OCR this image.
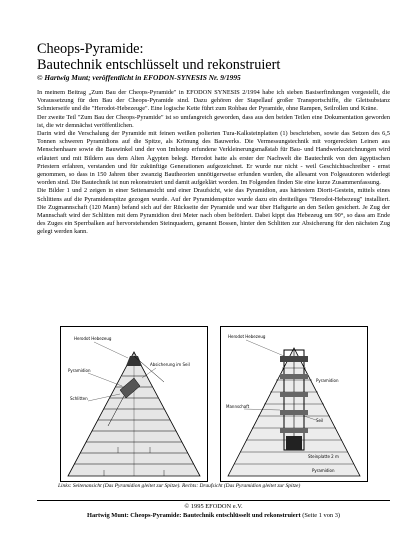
Cheops-Pyramide:
Bautechnik entschlüsselt und rekonstruiert
© Hartwig Munt; veröffentlicht in EFODON-SYNESIS Nr. 9/1995

In meinem Beitrag „Zum Bau der Cheops-Pyramide" in EFODON SYNESIS 2/1994 habe ich sieben Basiserfindungen vorgestellt, die Voraussetzung für den Bau der Cheops-Pyramide sind. Dazu gehören der Stapellauf großer Transportschiffe, die Gleitsubstanz Schmierseife und die "Herodot-Hebezeuge". Eine logische Kette führt zum Rohbau der Pyramide, ohne Rampen, Seilrollen und Kräne.

Der zweite Teil "Zum Bau der Cheops-Pyramide" ist so umfangreich geworden, dass aus den beiden Teilen eine Dokumentation geworden ist, die wir demnächst veröffentlichen.

Darin wird die Verschalung der Pyramide mit feinen weißen polierten Tura-Kalksteinplatten (1) beschrieben, sowie das Setzen des 6,5 Tonnen schweren Pyramidions auf die Spitze, als Krönung des Bauwerks. Die Vermessungstechnik mit vorgereckten Leinen aus Menschenhaare sowie die Bauwinkel und der von Imhotep erfundene Verkleinerungsmaßstab für Bau- und Handwerkszeichnungen wird erläutert und mit Bildern aus dem Alten Ägypten belegt. Herodot hatte als erster der Nachwelt die Bautechnik von den ägyptischen Priestern erfahren, verstanden und für zukünftige Generationen aufgezeichnet. Er wurde nur nicht - weil Geschichtsschreiber - ernst genommen, so dass in 150 Jahren über zwanzig Bautheorien unnötigerweise erfunden wurden, die allesamt von Folgeautoren widerlegt worden sind. Die Bautechnik ist nun rekonstruiert und damit aufgeklärt worden. Im Folgenden finden Sie eine kurze Zusammenfassung.

Die Bilder 1 und 2 zeigen in einer Seitenansicht und einer Draufsicht, wie das Pyramidion, aus härtestem Diorit-Gestein, mittels eines Schlittens auf die Pyramidenspitze gezogen wurde. Auf der Pyramidenspitze wurde dazu ein dreiteiliges "Herodot-Hebezeug" installiert. Die Zugmannschaft (120 Mann) befand sich auf der Rückseite der Pyramide und war über Haftgurte an den Seilen gesichert. Je Zug der Mannschaft wird der Schlitten mit dem Pyramidion drei Meter nach oben befördert. Dabei kippt das Hebezeug um 90°, so dass am Ende des Zuges ein Sperrbalken auf hervorstehenden Steinquadern, genannt Bossen, hinter den Schlitten zur Absicherung für den nächsten Zug gelegt werden kann.

Herodot Hebezeug
Pyramidion
Schlitten
Absicherung im Seil
Herodot Hebezeug
Pyramidion
Mannschaft
Seil
Steinplatte 2 m
Pyramidion
Links: Seitenansicht (Das Pyramidion gleitet zur Spitze). Rechts: Draufsicht (Das Pyramidion gleitet zur Spitze)
© 1995 EFODON e.V.
Hartwig Munt: Cheops-Pyramide: Bautechnik entschlüsselt und rekonstruiert (Seite 1 von 3)
